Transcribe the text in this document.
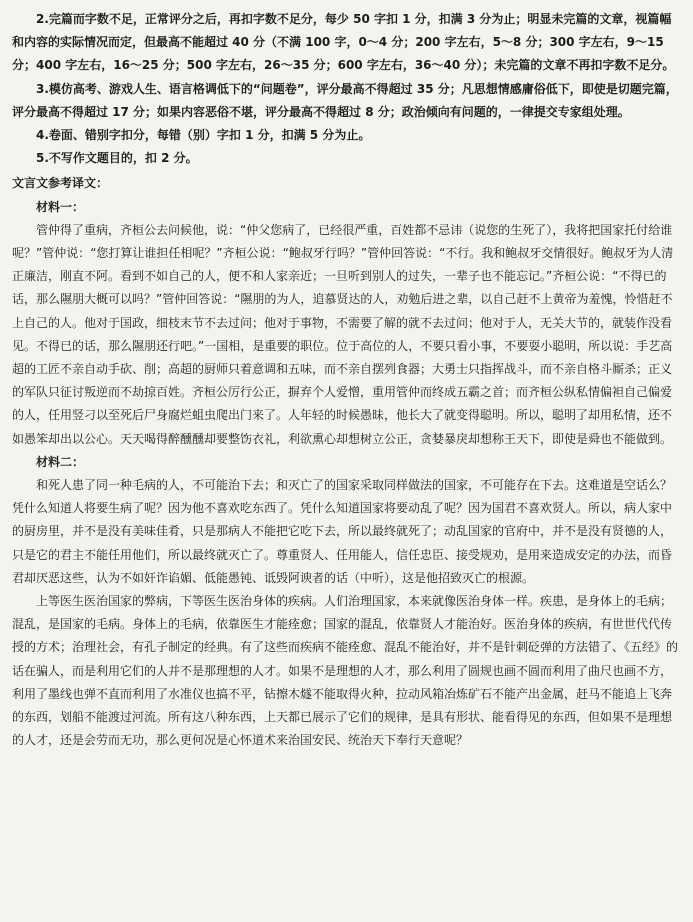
2.完篇而字数不足，正常评分之后，再扣字数不足分，每少 50 字扣 1 分，扣满 3 分为止；明显未完篇的文章，视篇幅和内容的实际情况而定，但最高不能超过 40 分（不满 100 字，0～4 分；200 字左右，5～8 分；300 字左右，9～15 分；400 字左右，16～25 分；500 字左右，26～35 分；600 字左右，36～40 分）；未完篇的文章不再扣字数不足分。

3.模仿高考、游戏人生、语言格调低下的“问题卷”，评分最高不得超过 35 分；凡思想情感庸俗低下，即使是切题完篇，评分最高不得超过 17 分；如果内容恶俗不堪，评分最高不得超过 8 分；政治倾向有问题的，一律提交专家组处理。

4.卷面、错别字扣分，每错（别）字扣 1 分，扣满 5 分为止。

5.不写作文题目的，扣 2 分。

文言文参考译文：

材料一：

管仲得了重病，齐桓公去问候他，说：“仲父您病了，已经很严重，百姓都不忌讳（说您的生死了），我将把国家托付给谁呢？”管仲说：“您打算让谁担任相呢？”齐桓公说：“鲍叔牙行吗？”管仲回答说：“不行。我和鲍叔牙交情很好。鲍叔牙为人清正廉洁，刚直不阿。看到不如自己的人，便不和人家亲近；一旦听到别人的过失，一辈子也不能忘记。”齐桓公说：“不得已的话，那么隰朋大概可以吗？”管仲回答说：“隰朋的为人，追慕贤达的人，劝勉后进之辈，以自己赶不上黄帝为羞愧，怜惜赶不上自己的人。他对于国政，细枝末节不去过问；他对于事物，不需要了解的就不去过问；他对于人，无关大节的，就装作没看见。不得已的话，那么隰朋还行吧。”一国相，是重要的职位。位于高位的人，不要只看小事，不要耍小聪明，所以说：手艺高超的工匠不亲自动手砍、削；高超的厨师只着意调和五味，而不亲自摆列食器；大勇士只指挥战斗，而不亲自格斗厮杀；正义的军队只征讨叛逆而不劫掠百姓。齐桓公厉行公正，摒弃个人爱憎，重用管仲而终成五霸之首；而齐桓公纵私情偏袒自己偏爱的人，任用竖刁以至死后尸身腐烂蛆虫爬出门来了。人年轻的时候愚昧，他长大了就变得聪明。所以，聪明了却用私情，还不如愚笨却出以公心。天天喝得醉醺醺却要整饬衣礼，利欲熏心却想树立公正，贪婪暴戾却想称王天下，即使是舜也不能做到。

材料二：

和死人患了同一种毛病的人，不可能治下去；和灭亡了的国家采取同样做法的国家，不可能存在下去。这难道是空话么？凭什么知道人将要生病了呢？因为他不喜欢吃东西了。凭什么知道国家将要动乱了呢？因为国君不喜欢贤人。所以，病人家中的厨房里，并不是没有美味佳肴，只是那病人不能把它吃下去，所以最终就死了；动乱国家的官府中，并不是没有贤德的人，只是它的君主不能任用他们，所以最终就灭亡了。尊重贤人、任用能人，信任忠臣、接受规劝，是用来造成安定的办法，而昏君却厌恶这些，认为不如奸诈谄媚、低能愚钝、诋毁阿谀者的话（中听），这是他招致灭亡的根源。

上等医生医治国家的弊病，下等医生医治身体的疾病。人们治理国家，本来就像医治身体一样。疾患，是身体上的毛病；混乱，是国家的毛病。身体上的毛病，依靠医生才能痊愈；国家的混乱，依靠贤人才能治好。医治身体的疾病，有世世代代传授的方术；治理社会，有孔子制定的经典。有了这些而疾病不能痊愈、混乱不能治好，并不是针刺砭弹的方法错了、《五经》的话在骗人，而是利用它们的人并不是那理想的人才。如果不是理想的人才，那么利用了圆规也画不圆而利用了曲尺也画不方，利用了墨线也弹不直而利用了水准仪也搞不平，钻擦木燧不能取得火种，拉动风箱冶炼矿石不能产出金属，赶马不能追上飞奔的东西，划船不能渡过河流。所有这八种东西，上天都已展示了它们的规律，是具有形状、能看得见的东西，但如果不是理想的人才，还是会劳而无功，那么更何况是心怀道术来治国安民、统治天下奉行天意呢？
